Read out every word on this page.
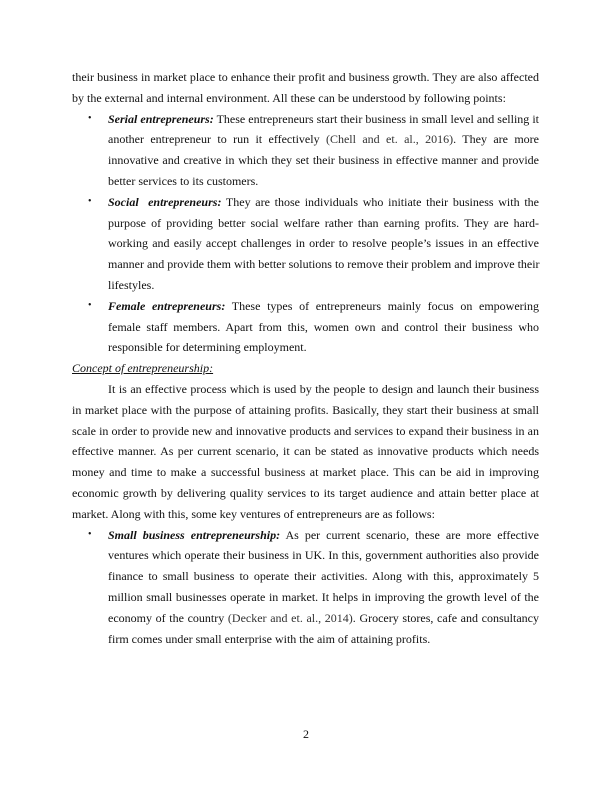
their business in market place to enhance their profit and business growth. They are also affected
by the external and internal environment. All these can be understood by following points:
• Serial entrepreneurs: These entrepreneurs start their business in small level and selling it
another entrepreneur to run it effectively (Chell and et. al., 2016). They are more
innovative and creative in which they set their business in effective manner and provide
better services to its customers.
• Social  entrepreneurs: They are those individuals who initiate their business with the
purpose of providing better social welfare rather than earning profits. They are hard-
working and easily accept challenges in order to resolve people’s issues in an effective
manner and provide them with better solutions to remove their problem and improve their
lifestyles.
• Female entrepreneurs: These types of entrepreneurs mainly focus on empowering
female staff members. Apart from this, women own and control their business who
responsible for determining employment.
Concept of entrepreneurship:
It is an effective process which is used by the people to design and launch their business
in market place with the purpose of attaining profits. Basically, they start their business at small
scale in order to provide new and innovative products and services to expand their business in an
effective manner. As per current scenario, it can be stated as innovative products which needs
money and time to make a successful business at market place. This can be aid in improving
economic growth by delivering quality services to its target audience and attain better place at
market. Along with this, some key ventures of entrepreneurs are as follows:
• Small business entrepreneurship: As per current scenario, these are more effective
ventures which operate their business in UK. In this, government authorities also provide
finance to small business to operate their activities. Along with this, approximately 5
million small businesses operate in market. It helps in improving the growth level of the
economy of the country (Decker and et. al., 2014). Grocery stores, cafe and consultancy
firm comes under small enterprise with the aim of attaining profits.
2
